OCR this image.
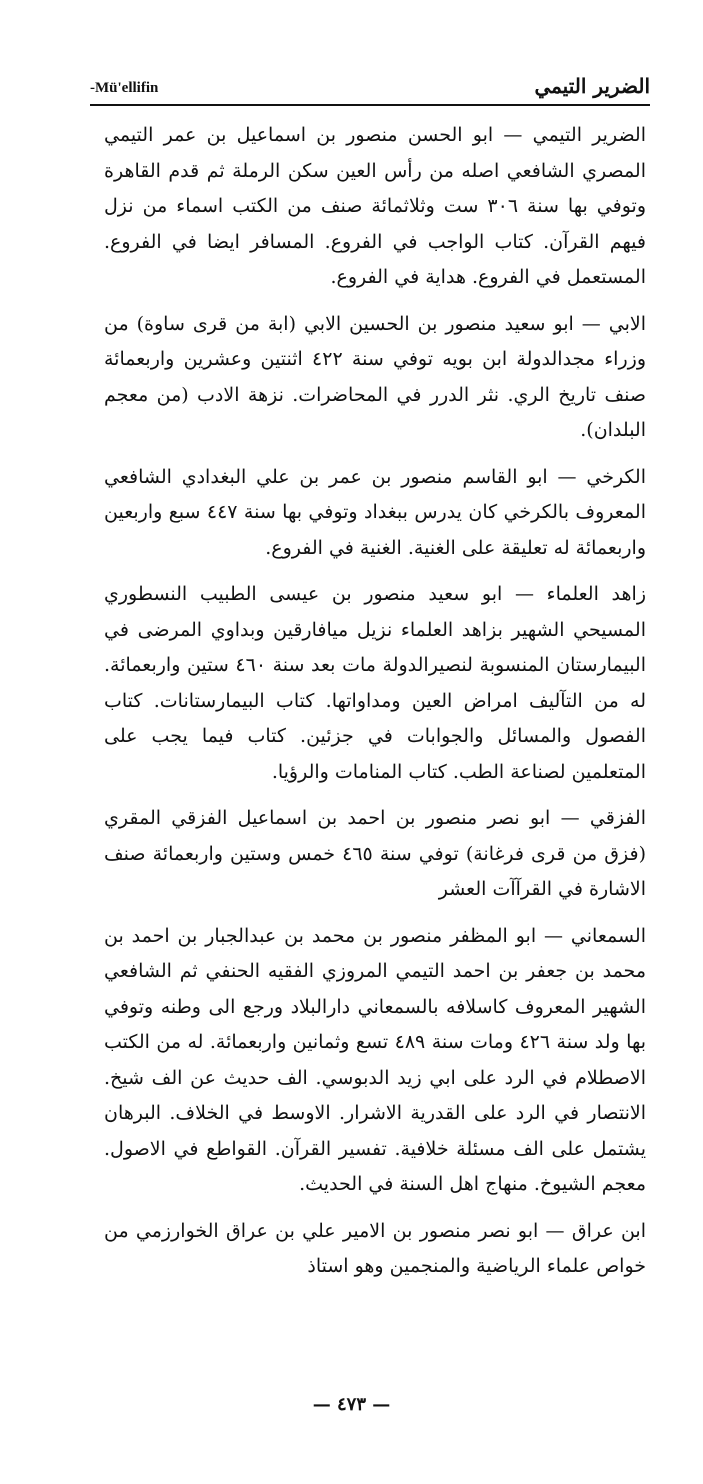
-Mü'ellifin	الضرير التيمي

الضرير التيمي — ابو الحسن منصور بن اسماعيل بن عمر التيمي المصري الشافعي اصله من رأس العين سكن الرملة ثم قدم القاهرة وتوفي بها سنة ٣٠٦ ست وثلاثمائة صنف من الكتب اسماء من نزل فيهم القرآن. كتاب الواجب في الفروع. المسافر ايضا في الفروع. المستعمل في الفروع. هداية في الفروع.

الابي — ابو سعيد منصور بن الحسين الابي (ابة من قرى ساوة) من وزراء مجدالدولة ابن بويه توفي سنة ٤٢٢ اثنتين وعشرين واربعمائة صنف تاريخ الري. نثر الدرر في المحاضرات. نزهة الادب (من معجم البلدان).

الكرخي — ابو القاسم منصور بن عمر بن علي البغدادي الشافعي المعروف بالكرخي كان يدرس ببغداد وتوفي بها سنة ٤٤٧ سبع واربعين واربعمائة له تعليقة على الغنية. الغنية في الفروع.

زاهد العلماء — ابو سعيد منصور بن عيسى الطبيب النسطوري المسيحي الشهير بزاهد العلماء نزيل ميافارقين وبداوي المرضى في البيمارستان المنسوبة لنصيرالدولة مات بعد سنة ٤٦٠ ستين واربعمائة. له من التآليف امراض العين ومداواتها. كتاب البيمارستانات. كتاب الفصول والمسائل والجوابات في جزئين. كتاب فيما يجب على المتعلمين لصناعة الطب. كتاب المنامات والرؤيا.

الفزقي — ابو نصر منصور بن احمد بن اسماعيل الفزقي المقري (فزق من قرى فرغانة) توفي سنة ٤٦٥ خمس وستين واربعمائة صنف الاشارة في القرآآت العشر

السمعاني — ابو المظفر منصور بن محمد بن عبدالجبار بن احمد بن محمد بن جعفر بن احمد التيمي المروزي الفقيه الحنفي ثم الشافعي الشهير المعروف كاسلافه بالسمعاني دارالبلاد ورجع الى وطنه وتوفي بها ولد سنة ٤٢٦ ومات سنة ٤٨٩ تسع وثمانين واربعمائة. له من الكتب الاصطلام في الرد على ابي زيد الدبوسي. الف حديث عن الف شيخ. الانتصار في الرد على القدرية الاشرار. الاوسط في الخلاف. البرهان يشتمل على الف مسئلة خلافية. تفسير القرآن. القواطع في الاصول. معجم الشيوخ. منهاج اهل السنة في الحديث.

ابن عراق — ابو نصر منصور بن الامير علي بن عراق الخوارزمي من خواص علماء الرياضية والمنجمين وهو استاذ

— ٤٧٣ —
